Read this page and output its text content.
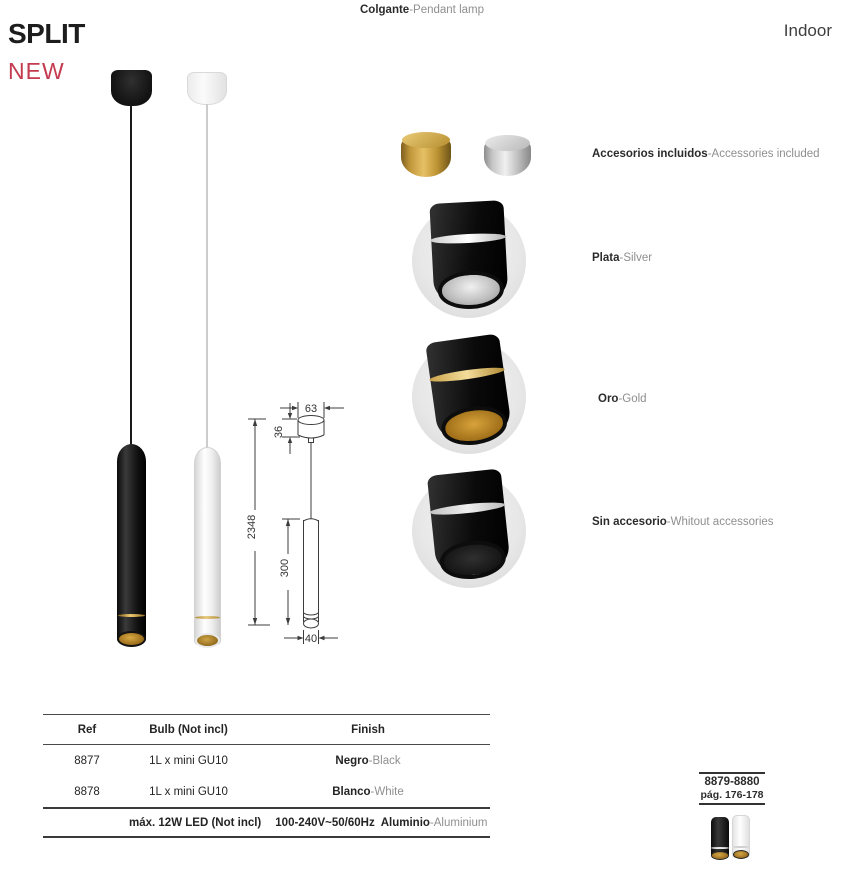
Colgante-Pendant lamp
SPLIT
NEW
Indoor
63
36
2348
300
40
Accesorios incluidos-Accessories included
Plata-Silver
Oro-Gold
Sin accesorio-Whitout accessories
Ref	Bulb (Not incl)	Finish
8877	1L x mini GU10	Negro-Black
8878	1L x mini GU10	Blanco-White
máx. 12W LED (Not incl) 100-240V~50/60Hz Aluminio -Aluminium
8879-8880
pág. 176-178
